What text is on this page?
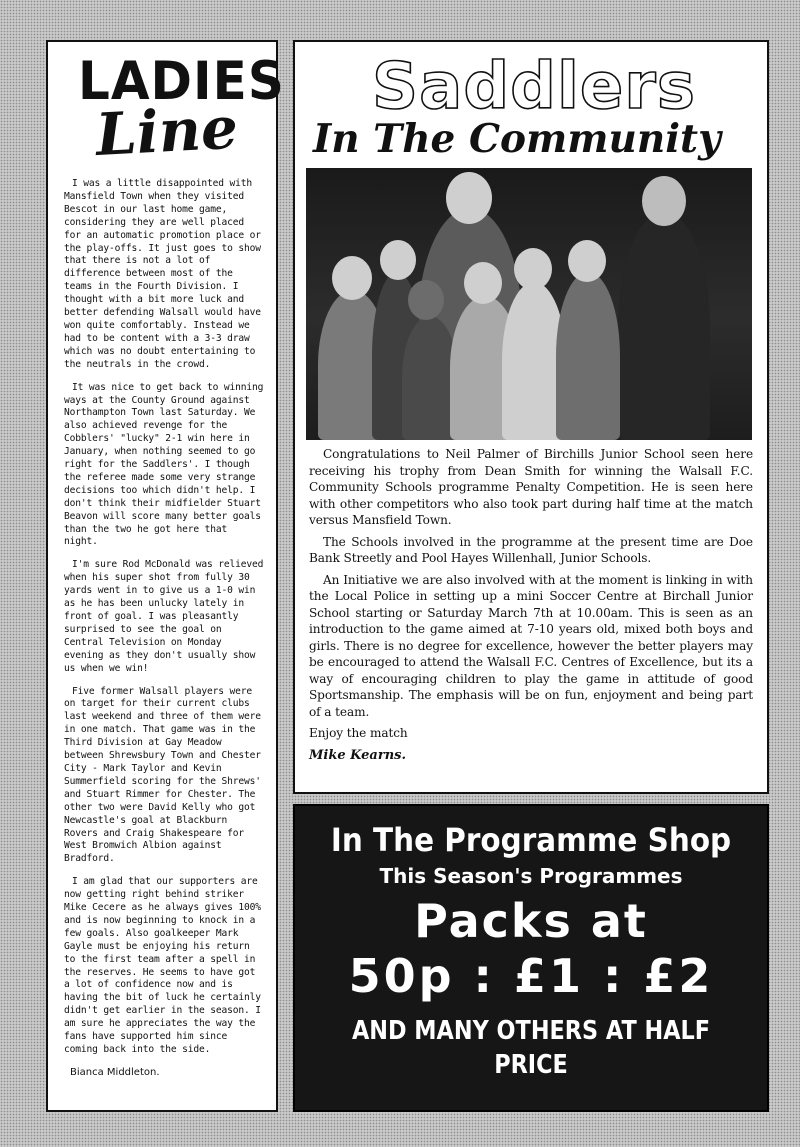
LADIES
Line

I was a little disappointed with Mansfield Town when they visited Bescot in our last home game, considering they are well placed for an automatic promotion place or the play-offs. It just goes to show that there is not a lot of difference between most of the teams in the Fourth Division. I thought with a bit more luck and better defending Walsall would have won quite comfortably. Instead we had to be content with a 3-3 draw which was no doubt entertaining to the neutrals in the crowd.

It was nice to get back to winning ways at the County Ground against Northampton Town last Saturday. We also achieved revenge for the Cobblers' "lucky" 2-1 win here in January, when nothing seemed to go right for the Saddlers'. I though the referee made some very strange decisions too which didn't help. I don't think their midfielder Stuart Beavon will score many better goals than the two he got here that night.

I'm sure Rod McDonald was relieved when his super shot from fully 30 yards went in to give us a 1-0 win as he has been unlucky lately in front of goal. I was pleasantly surprised to see the goal on Central Television on Monday evening as they don't usually show us when we win!

Five former Walsall players were on target for their current clubs last weekend and three of them were in one match. That game was in the Third Division at Gay Meadow between Shrewsbury Town and Chester City - Mark Taylor and Kevin Summerfield scoring for the Shrews' and Stuart Rimmer for Chester. The other two were David Kelly who got Newcastle's goal at Blackburn Rovers and Craig Shakespeare for West Bromwich Albion against Bradford.

I am glad that our supporters are now getting right behind striker Mike Cecere as he always gives 100% and is now beginning to knock in a few goals. Also goalkeeper Mark Gayle must be enjoying his return to the first team after a spell in the reserves. He seems to have got a lot of confidence now and is having the bit of luck he certainly didn't get earlier in the season. I am sure he appreciates the way the fans have supported him since coming back into the side.

Bianca Middleton.
Saddlers
In The Community

Congratulations to Neil Palmer of Birchills Junior School seen here receiving his trophy from Dean Smith for winning the Walsall F.C. Community Schools programme Penalty Competition. He is seen here with other competitors who also took part during half time at the match versus Mansfield Town.

The Schools involved in the programme at the present time are Doe Bank Streetly and Pool Hayes Willenhall, Junior Schools.

An Initiative we are also involved with at the moment is linking in with the Local Police in setting up a mini Soccer Centre at Birchall Junior School starting or Saturday March 7th at 10.00am. This is seen as an introduction to the game aimed at 7-10 years old, mixed both boys and girls. There is no degree for excellence, however the better players may be encouraged to attend the Walsall F.C. Centres of Excellence, but its a way of encouraging children to play the game in attitude of good Sportsmanship. The emphasis will be on fun, enjoyment and being part of a team.

Enjoy the match

Mike Kearns.
In The Programme Shop
This Season's Programmes
Packs at
50p : £1 : £2
AND MANY OTHERS AT HALF PRICE
